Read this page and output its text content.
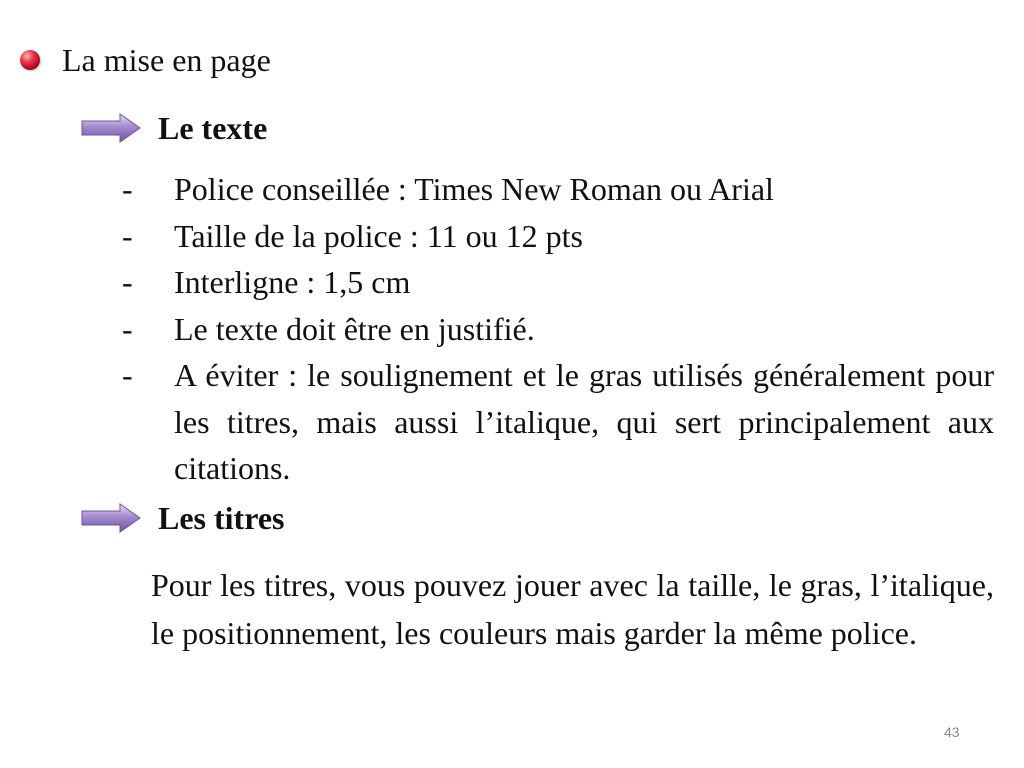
La mise en page
Le texte
-	Police conseillée : Times New Roman ou Arial
-	Taille de la police : 11 ou 12 pts
-	Interligne : 1,5 cm
-	Le texte doit être en justifié.
-	A éviter : le soulignement et le gras utilisés généralement pour les titres, mais aussi l’italique, qui sert principalement aux citations.
Les titres

Pour les titres, vous pouvez jouer avec la taille, le gras, l’italique, le positionnement, les couleurs mais garder la même police.

43
